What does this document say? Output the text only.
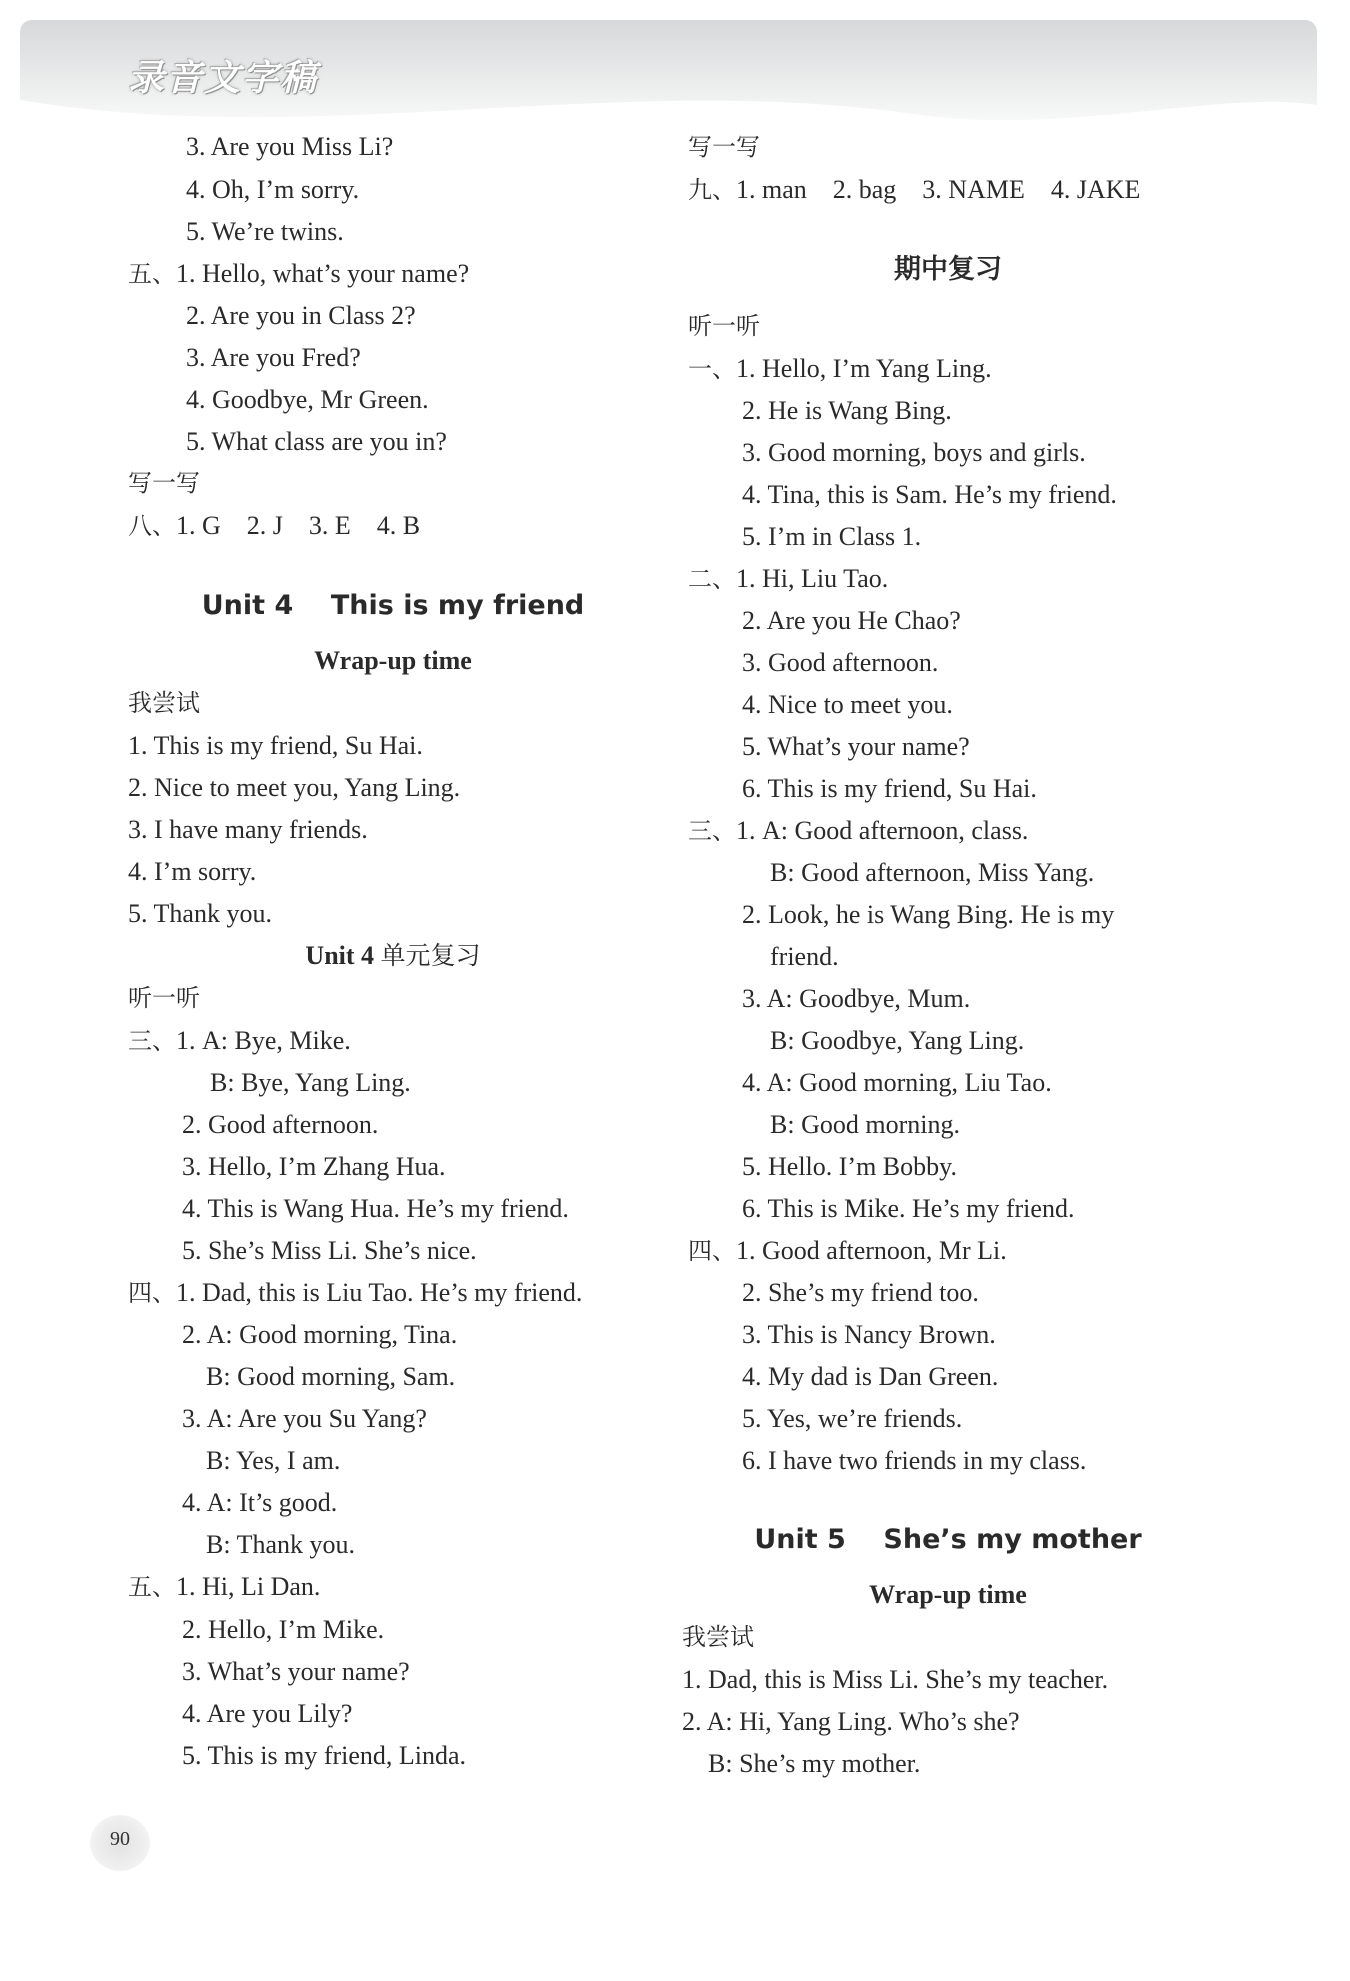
录音文字稿
3. Are you Miss Li?
4. Oh, I’m sorry.
5. We’re twins.
五、1. Hello, what’s your name?
2. Are you in Class 2?
3. Are you Fred?
4. Goodbye, Mr Green.
5. What class are you in?
写一写
八、1. G    2. J    3. E    4. B
Unit 4    This is my friend
Wrap-up time
我尝试
1. This is my friend, Su Hai.
2. Nice to meet you, Yang Ling.
3. I have many friends.
4. I’m sorry.
5. Thank you.
Unit 4 单元复习
听一听
三、1. A: Bye, Mike.
B: Bye, Yang Ling.
2. Good afternoon.
3. Hello, I’m Zhang Hua.
4. This is Wang Hua. He’s my friend.
5. She’s Miss Li. She’s nice.
四、1. Dad, this is Liu Tao. He’s my friend.
2. A: Good morning, Tina.
B: Good morning, Sam.
3. A: Are you Su Yang?
B: Yes, I am.
4. A: It’s good.
B: Thank you.
五、1. Hi, Li Dan.
2. Hello, I’m Mike.
3. What’s your name?
4. Are you Lily?
5. This is my friend, Linda.
写一写
九、1. man    2. bag    3. NAME    4. JAKE
期中复习
听一听
一、1. Hello, I’m Yang Ling.
2. He is Wang Bing.
3. Good morning, boys and girls.
4. Tina, this is Sam. He’s my friend.
5. I’m in Class 1.
二、1. Hi, Liu Tao.
2. Are you He Chao?
3. Good afternoon.
4. Nice to meet you.
5. What’s your name?
6. This is my friend, Su Hai.
三、1. A: Good afternoon, class.
B: Good afternoon, Miss Yang.
2. Look, he is Wang Bing. He is my
friend.
3. A: Goodbye, Mum.
B: Goodbye, Yang Ling.
4. A: Good morning, Liu Tao.
B: Good morning.
5. Hello. I’m Bobby.
6. This is Mike. He’s my friend.
四、1. Good afternoon, Mr Li.
2. She’s my friend too.
3. This is Nancy Brown.
4. My dad is Dan Green.
5. Yes, we’re friends.
6. I have two friends in my class.
Unit 5    She’s my mother
Wrap-up time
我尝试
1. Dad, this is Miss Li. She’s my teacher.
2. A: Hi, Yang Ling. Who’s she?
B: She’s my mother.
90
